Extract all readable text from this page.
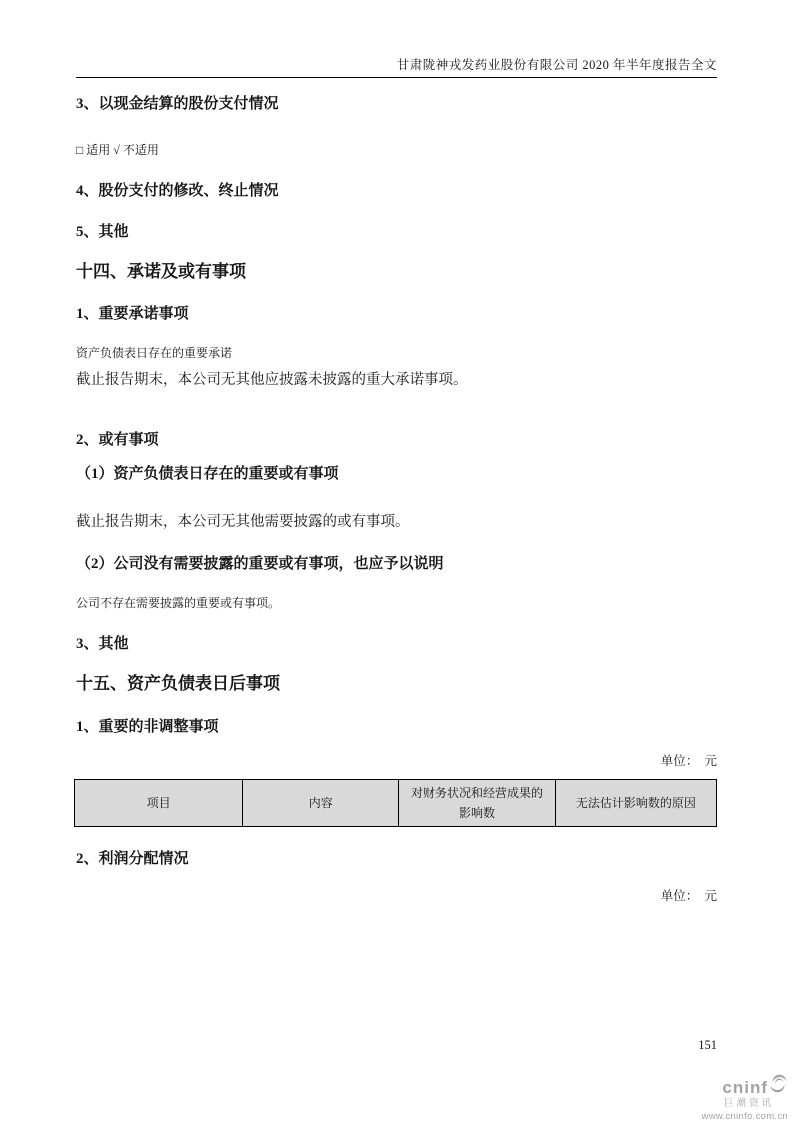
甘肃陇神戎发药业股份有限公司 2020 年半年度报告全文
3、以现金结算的股份支付情况
□ 适用 √ 不适用
4、股份支付的修改、终止情况
5、其他
十四、承诺及或有事项
1、重要承诺事项
资产负债表日存在的重要承诺
截止报告期末，本公司无其他应披露未披露的重大承诺事项。
2、或有事项
（1）资产负债表日存在的重要或有事项
截止报告期末，本公司无其他需要披露的或有事项。
（2）公司没有需要披露的重要或有事项，也应予以说明
公司不存在需要披露的重要或有事项。
3、其他
十五、资产负债表日后事项
1、重要的非调整事项
单位：　元
项目	内容	对财务状况和经营成果的影响数	无法估计影响数的原因
2、利润分配情况
单位：　元
151
cninf
巨潮资讯
www.cninfo.com.cn
